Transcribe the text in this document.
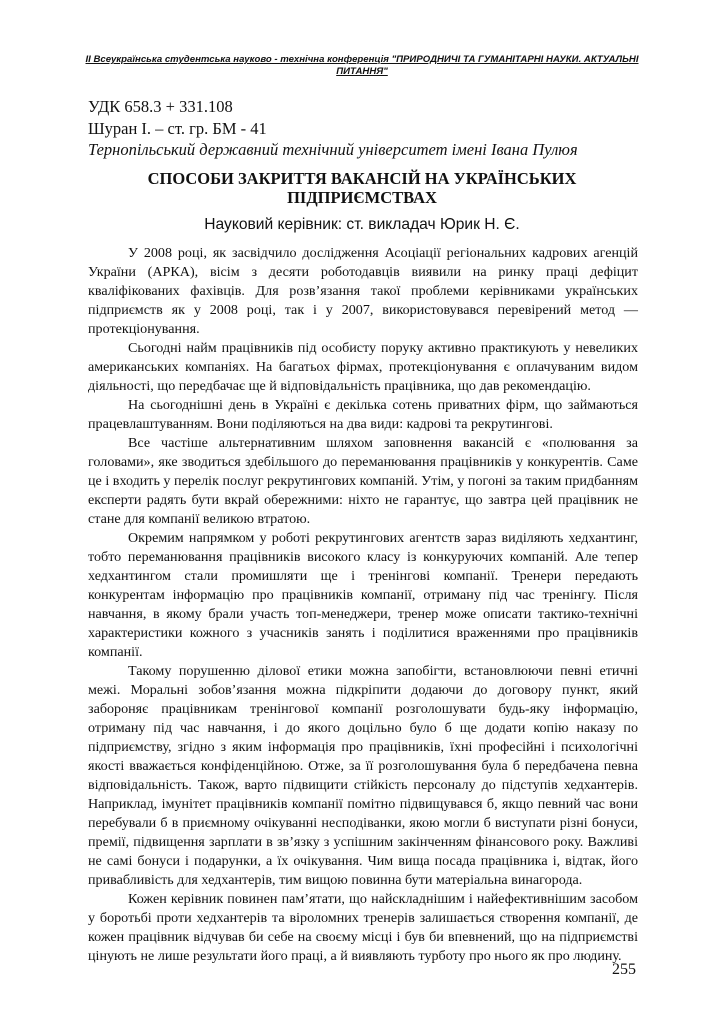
ІІ Всеукраїнська студентська науково - технічна конференція "ПРИРОДНИЧІ ТА ГУМАНІТАРНІ НАУКИ. АКТУАЛЬНІ ПИТАННЯ"
УДК 658.3 + 331.108
Шуран І. – ст. гр. БМ - 41
Тернопільський державний технічний університет імені Івана Пулюя
СПОСОБИ ЗАКРИТТЯ ВАКАНСІЙ НА УКРАЇНСЬКИХ ПІДПРИЄМСТВАХ
Науковий керівник: ст. викладач Юрик Н. Є.

У 2008 році, як засвідчило дослідження Асоціації регіональних кадрових агенцій України (АРКА), вісім з десяти роботодавців виявили на ринку праці дефіцит кваліфікованих фахівців. Для розв’язання такої проблеми керівниками українських підприємств як у 2008 році, так і у 2007, використовувався перевірений метод — протекціонування.

Сьогодні найм працівників під особисту поруку активно практикують у невеликих американських компаніях. На багатьох фірмах, протекціонування є оплачуваним видом діяльності, що передбачає ще й відповідальність працівника, що дав рекомендацію.

На сьогоднішні день в Україні є декілька сотень приватних фірм, що займаються працевлаштуванням. Вони поділяються на два види: кадрові та рекрутингові.

Все частіше альтернативним шляхом заповнення вакансій є «полювання за головами», яке зводиться здебільшого до переманювання працівників у конкурентів. Саме це і входить у перелік послуг рекрутингових компаній. Утім, у погоні за таким придбанням експерти радять бути вкрай обережними: ніхто не гарантує, що завтра цей працівник не стане для компанії великою втратою.

Окремим напрямком у роботі рекрутингових агентств зараз виділяють хедхантинг, тобто переманювання працівників високого класу із конкуруючих компаній. Але тепер хедхантингом стали промишляти ще і тренінгові компанії. Тренери передають конкурентам інформацію про працівників компанії, отриману під час тренінгу. Після навчання, в якому брали участь топ-менеджери, тренер може описати тактико-технічні характеристики кожного з учасників занять і поділитися враженнями про працівників компанії.

Такому порушенню ділової етики можна запобігти, встановлюючи певні етичні межі. Моральні зобов’язання можна підкріпити додаючи до договору пункт, який забороняє працівникам тренінгової компанії розголошувати будь-яку інформацію, отриману під час навчання, і до якого доцільно було б ще додати копію наказу по підприємству, згідно з яким інформація про працівників, їхні професійні і психологічні якості вважається конфіденційною. Отже, за її розголошування була б передбачена певна відповідальність. Також, варто підвищити стійкість персоналу до підступів хедхантерів. Наприклад, імунітет працівників компанії помітно підвищувався б, якщо певний час вони перебували б в приємному очікуванні несподіванки, якою могли б виступати різні бонуси, премії, підвищення зарплати в зв’язку з успішним закінченням фінансового року. Важливі не самі бонуси і подарунки, а їх очікування. Чим вища посада працівника і, відтак, його привабливість для хедхантерів, тим вищою повинна бути матеріальна винагорода.

Кожен керівник повинен пам’ятати, що найскладнішим і найефективнішим засобом у боротьбі проти хедхантерів та віроломних тренерів залишається створення компанії, де кожен працівник відчував би себе на своєму місці і був би впевнений, що на підприємстві цінують не лише результати його праці, а й виявляють турботу про нього як про людину.

255
